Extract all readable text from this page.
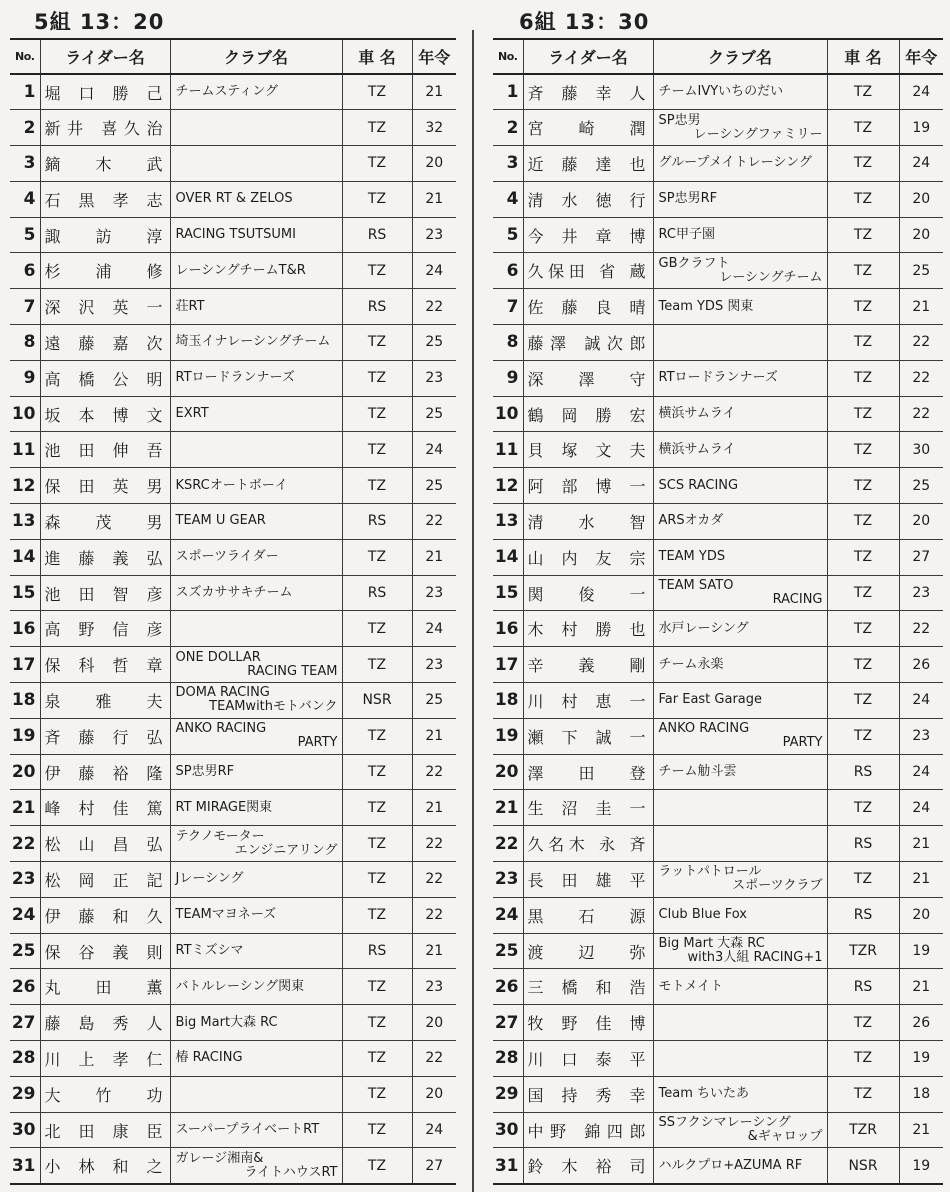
5組 13：20
No.	ライダー名	クラブ名	車 名	年令
1	堀口勝己	チームスティング	TZ	21
2	新井 喜久治		TZ	32
3	鏑木武		TZ	20
4	石黒孝志	OVER RT & ZELOS	TZ	21
5	諏訪淳	RACING TSUTSUMI	RS	23
6	杉浦修	レーシングチームT&R	TZ	24
7	深沢英一	荘RT	RS	22
8	遠藤嘉次	埼玉イナレーシングチーム	TZ	25
9	高橋公明	RTロードランナーズ	TZ	23
10	坂本博文	EXRT	TZ	25
11	池田伸吾		TZ	24
12	保田英男	KSRCオートボーイ	TZ	25
13	森茂男	TEAM U GEAR	RS	22
14	進藤義弘	スポーツライダー	TZ	21
15	池田智彦	スズカササキチーム	RS	23
16	高野信彦		TZ	24
17	保科哲章	ONE DOLLAR
RACING TEAM	TZ	23
18	泉雅夫	DOMA RACING
TEAMwithモトバンク	NSR	25
19	斉藤行弘	ANKO RACING
PARTY	TZ	21
20	伊藤裕隆	SP忠男RF	TZ	22
21	峰村佳篤	RT MIRAGE関東	TZ	21
22	松山昌弘	テクノモーター
エンジニアリング	TZ	22
23	松岡正記	Jレーシング	TZ	22
24	伊藤和久	TEAMマヨネーズ	TZ	22
25	保谷義則	RTミズシマ	RS	21
26	丸田薫	バトルレーシング関東	TZ	23
27	藤島秀人	Big Mart大森 RC	TZ	20
28	川上孝仁	椿 RACING	TZ	22
29	大竹功		TZ	20
30	北田康臣	スーパープライベートRT	TZ	24
31	小林和之	ガレージ湘南&
ライトハウスRT	TZ	27
6組 13：30
No.	ライダー名	クラブ名	車 名	年令
1	斉藤幸人	チームIVYいちのだい	TZ	24
2	宮崎潤	SP忠男
レーシングファミリー	TZ	19
3	近藤達也	グループメイトレーシング	TZ	24
4	清水徳行	SP忠男RF	TZ	20
5	今井章博	RC甲子園	TZ	20
6	久保田 省 蔵	GBクラフト
レーシングチーム	TZ	25
7	佐藤良晴	Team YDS 関東	TZ	21
8	藤澤 誠次郎		TZ	22
9	深澤守	RTロードランナーズ	TZ	22
10	鶴岡勝宏	横浜サムライ	TZ	22
11	貝塚文夫	横浜サムライ	TZ	30
12	阿部博一	SCS RACING	TZ	25
13	清水智	ARSオカダ	TZ	20
14	山内友宗	TEAM YDS	TZ	27
15	関俊一	TEAM SATO
RACING	TZ	23
16	木村勝也	水戸レーシング	TZ	22
17	辛義剛	チーム永楽	TZ	26
18	川村恵一	Far East Garage	TZ	24
19	瀬下誠一	ANKO RACING
PARTY	TZ	23
20	澤田登	チーム觔斗雲	RS	24
21	生沼圭一		TZ	24
22	久名木 永 斉		RS	21
23	長田雄平	ラットパトロール
スポーツクラブ	TZ	21
24	黒石源	Club Blue Fox	RS	20
25	渡辺弥	Big Mart 大森 RC
with3人組 RACING+1	TZR	19
26	三橋和浩	モトメイト	RS	21
27	牧野佳博		TZ	26
28	川口泰平		TZ	19
29	国持秀幸	Team ちいたあ	TZ	18
30	中野 錦四郎	SSフクシマレーシング
&ギャロップ	TZR	21
31	鈴木裕司	ハルクプロ+AZUMA RF	NSR	19
